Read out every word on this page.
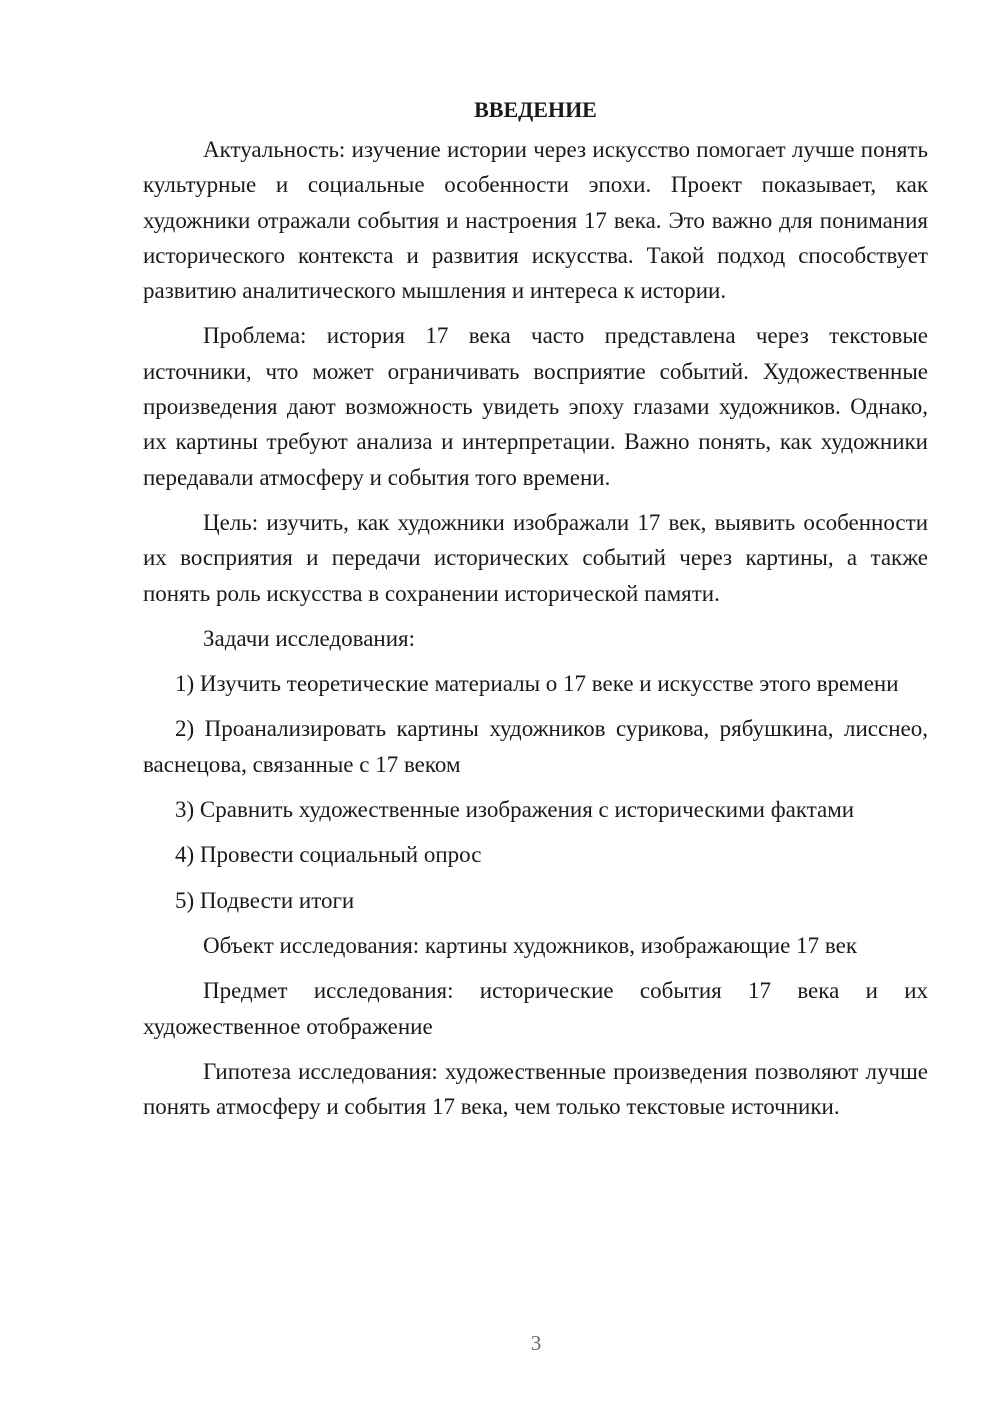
ВВЕДЕНИЕ

Актуальность: изучение истории через искусство помогает лучше понять культурные и социальные особенности эпохи. Проект показывает, как художники отражали события и настроения 17 века. Это важно для понимания исторического контекста и развития искусства. Такой подход способствует развитию аналитического мышления и интереса к истории.

Проблема: история 17 века часто представлена через текстовые источники, что может ограничивать восприятие событий. Художественные произведения дают возможность увидеть эпоху глазами художников. Однако, их картины требуют анализа и интерпретации. Важно понять, как художники передавали атмосферу и события того времени.

Цель: изучить, как художники изображали 17 век, выявить особенности их восприятия и передачи исторических событий через картины, а также понять роль искусства в сохранении исторической памяти.

Задачи исследования:

1) Изучить теоретические материалы о 17 веке и искусстве этого времени

2) Проанализировать картины художников сурикова, рябушкина, лисснео, васнецова, связанные с 17 веком

3) Сравнить художественные изображения с историческими фактами

4) Провести социальный опрос

5) Подвести итоги

Объект исследования: картины художников, изображающие 17 век

Предмет исследования: исторические события 17 века и их художественное отображение

Гипотеза исследования: художественные произведения позволяют лучше понять атмосферу и события 17 века, чем только текстовые источники.

3
